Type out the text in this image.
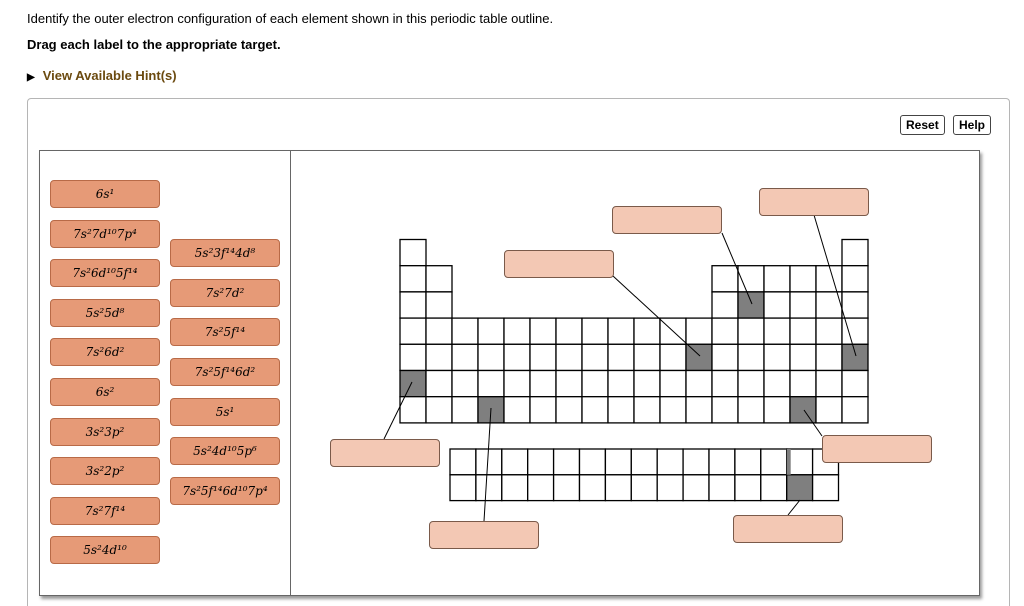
Identify the outer electron configuration of each element shown in this periodic table outline.
Drag each label to the appropriate target.
▶ View Available Hint(s)
Reset	Help
6s¹
7s²7d¹⁰7p⁴
7s²6d¹⁰5f¹⁴
5s²5d⁸
7s²6d²
6s²
3s²3p²
3s²2p²
7s²7f¹⁴
5s²4d¹⁰
5s²3f¹⁴4d⁸
7s²7d²
7s²5f¹⁴
7s²5f¹⁴6d²
5s¹
5s²4d¹⁰5p⁶
7s²5f¹⁴6d¹⁰7p⁴
